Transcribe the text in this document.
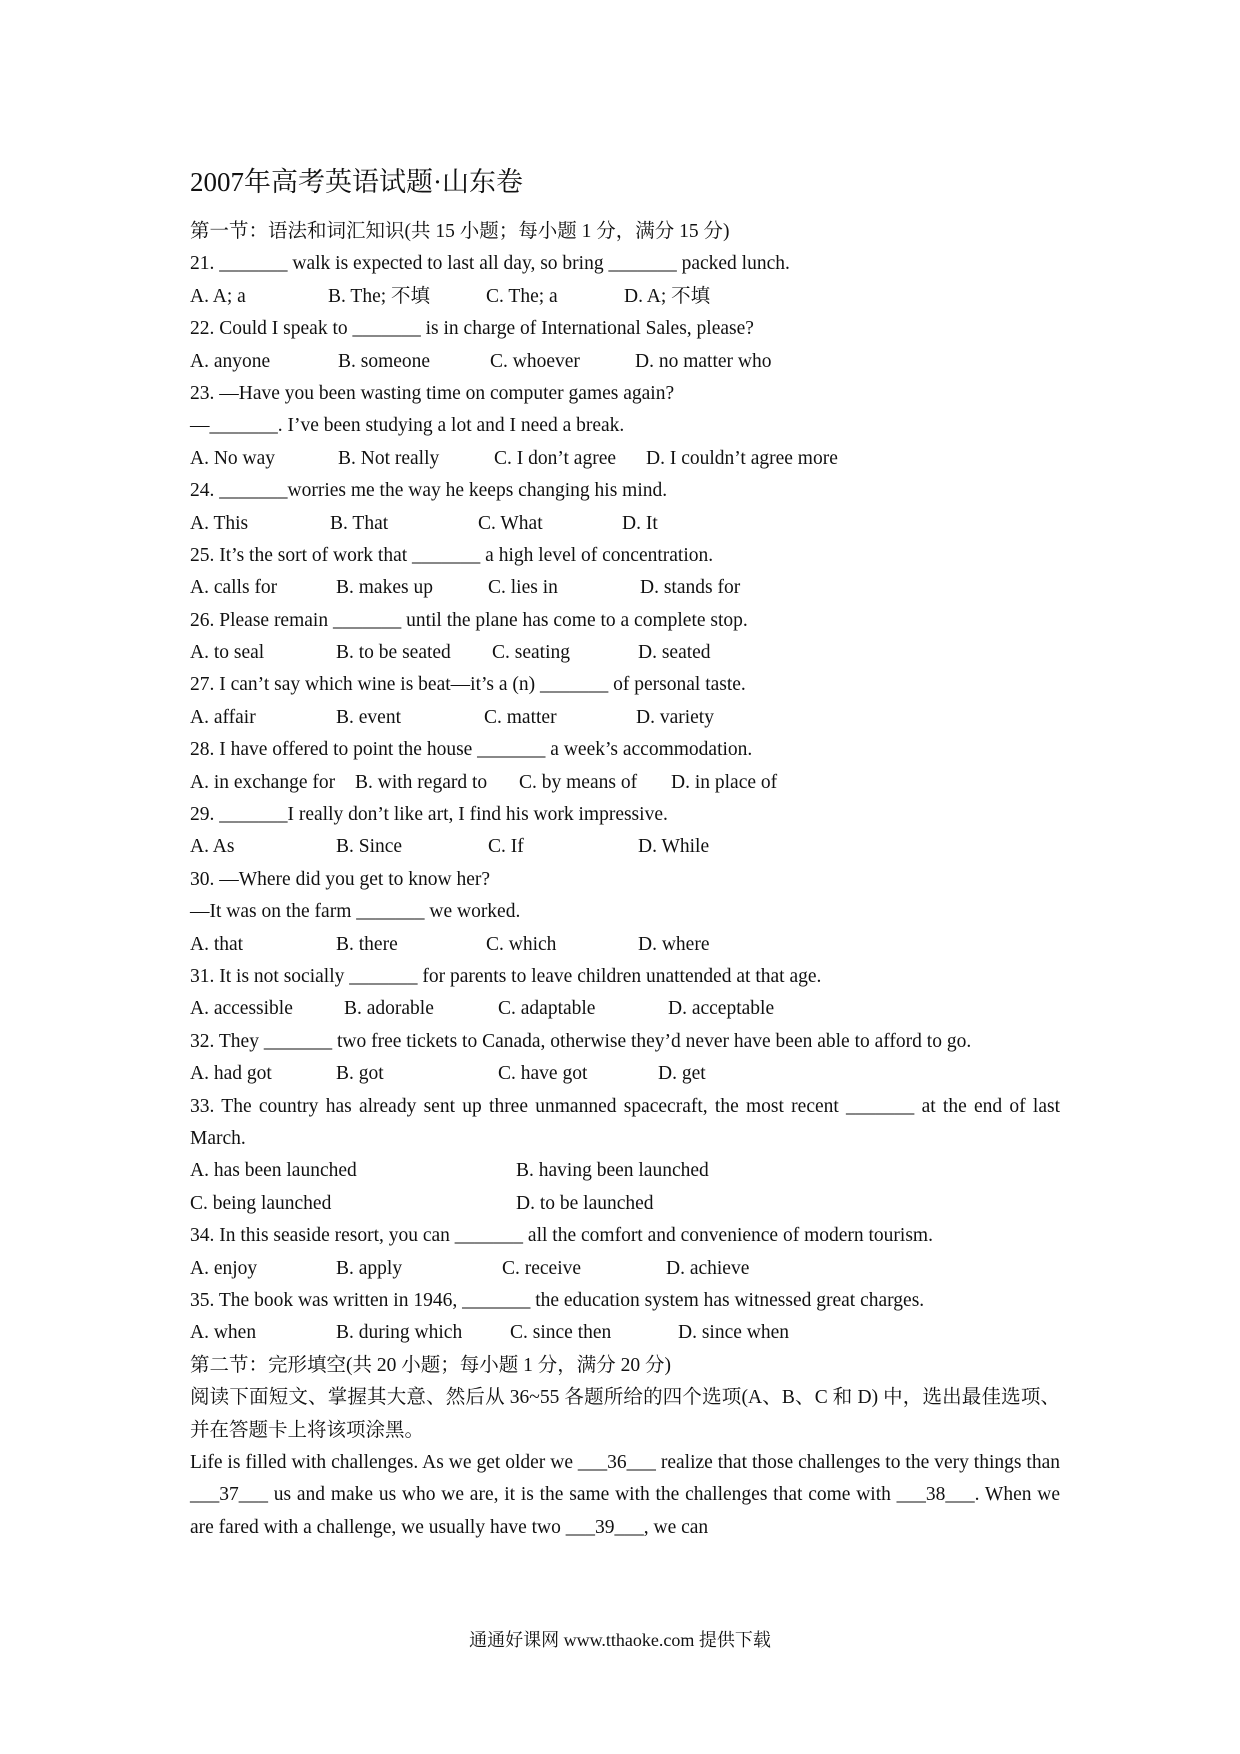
2007年高考英语试题·山东卷
第一节：语法和词汇知识(共 15 小题；每小题 1 分，满分 15 分)
21. _______ walk is expected to last all day, so bring _______ packed lunch.
A. A; a	B. The; 不填	C. The; a	D. A; 不填
22. Could I speak to _______ is in charge of International Sales, please?
A. anyone	B. someone	C. whoever	D. no matter who
23. —Have you been wasting time on computer games again?
—_______. I’ve been studying a lot and I need a break.
A. No way	B. Not really	C. I don’t agree	D. I couldn’t agree more
24. _______worries me the way he keeps changing his mind.
A. This	B. That	C. What	D. It
25. It’s the sort of work that _______ a high level of concentration.
A. calls for	B. makes up	C. lies in	D. stands for
26. Please remain _______ until the plane has come to a complete stop.
A. to seal	B. to be seated	C. seating	D. seated
27. I can’t say which wine is beat—it’s a (n) _______ of personal taste.
A. affair	B. event	C. matter	D. variety
28. I have offered to point the house _______ a week’s accommodation.
A. in exchange for	B. with regard to	C. by means of	D. in place of
29. _______I really don’t like art, I find his work impressive.
A. As	B. Since	C. If	D. While
30. —Where did you get to know her?
—It was on the farm _______ we worked.
A. that	B. there	C. which	D. where
31. It is not socially _______ for parents to leave children unattended at that age.
A. accessible	B. adorable	C. adaptable	D. acceptable
32. They _______ two free tickets to Canada, otherwise they’d never have been able to afford to go.
A. had got	B. got	C. have got	D. get
33. The country has already sent up three unmanned spacecraft, the most recent _______ at the end of last March.
A. has been launched	B. having been launched
C. being launched	D. to be launched
34. In this seaside resort, you can _______ all the comfort and convenience of modern tourism.
A. enjoy	B. apply	C. receive	D. achieve
35. The book was written in 1946, _______ the education system has witnessed great charges.
A. when	B. during which	C. since then	D. since when
第二节：完形填空(共 20 小题；每小题 1 分，满分 20 分)
阅读下面短文、掌握其大意、然后从 36~55 各题所给的四个选项(A、B、C 和 D) 中，选出最佳选项、并在答题卡上将该项涂黑。
Life is filled with challenges. As we get older we ___36___ realize that those challenges to the very things than ___37___ us and make us who we are, it is the same with the challenges that come with ___38___. When we are fared with a challenge, we usually have two ___39___, we can
通通好课网 www.tthaoke.com 提供下载
